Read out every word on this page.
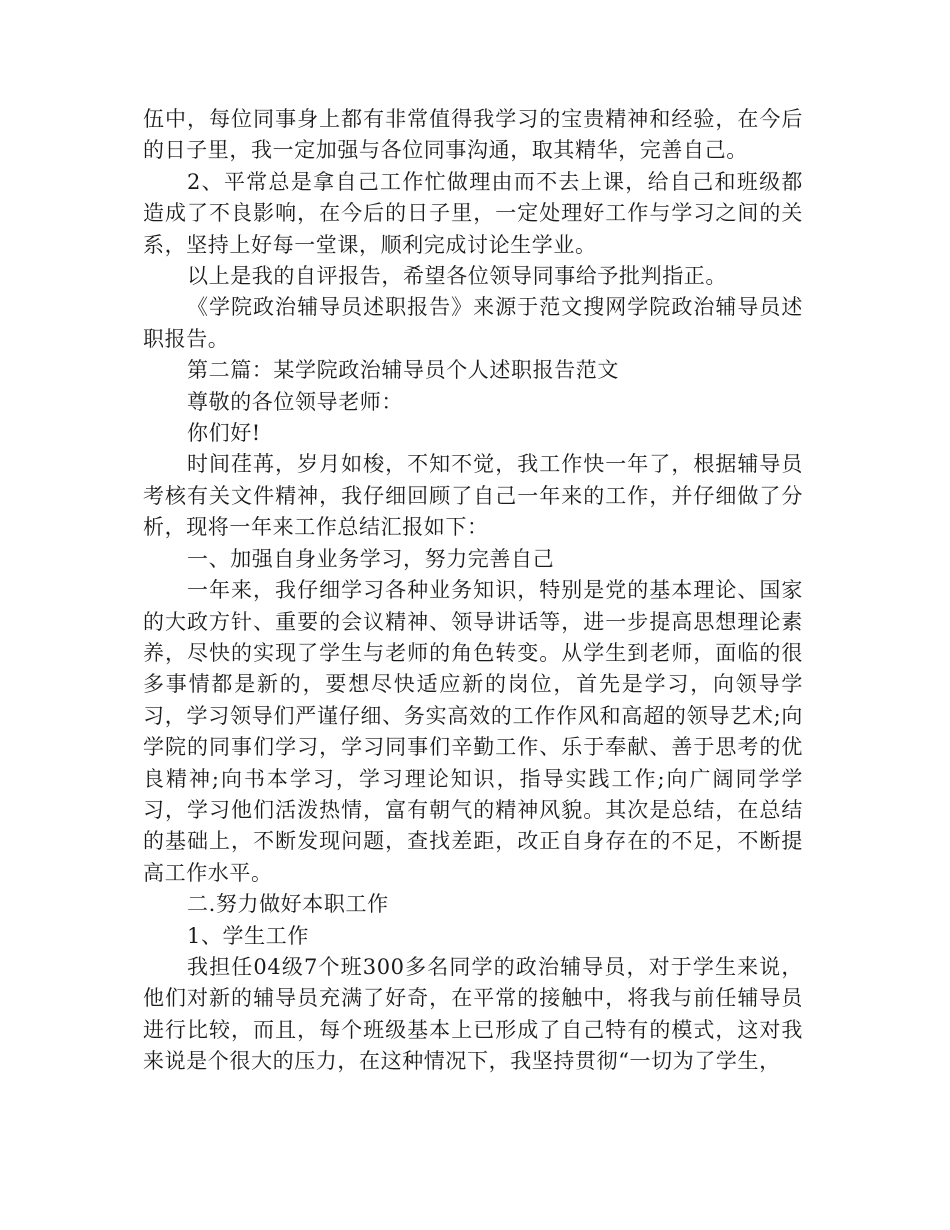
伍中，每位同事身上都有非常值得我学习的宝贵精神和经验，在今后的日子里，我一定加强与各位同事沟通，取其精华，完善自己。

2、平常总是拿自己工作忙做理由而不去上课，给自己和班级都造成了不良影响，在今后的日子里，一定处理好工作与学习之间的关系，坚持上好每一堂课，顺利完成讨论生学业。

以上是我的自评报告，希望各位领导同事给予批判指正。

《学院政治辅导员述职报告》来源于范文搜网学院政治辅导员述职报告。

第二篇：某学院政治辅导员个人述职报告范文

尊敬的各位领导老师：

你们好!

时间荏苒，岁月如梭，不知不觉，我工作快一年了，根据辅导员考核有关文件精神，我仔细回顾了自己一年来的工作，并仔细做了分析，现将一年来工作总结汇报如下：

一、加强自身业务学习，努力完善自己

一年来，我仔细学习各种业务知识，特别是党的基本理论、国家的大政方针、重要的会议精神、领导讲话等，进一步提高思想理论素养，尽快的实现了学生与老师的角色转变。从学生到老师，面临的很多事情都是新的，要想尽快适应新的岗位，首先是学习，向领导学习，学习领导们严谨仔细、务实高效的工作作风和高超的领导艺术;向学院的同事们学习，学习同事们辛勤工作、乐于奉献、善于思考的优良精神;向书本学习，学习理论知识，指导实践工作;向广阔同学学习，学习他们活泼热情，富有朝气的精神风貌。其次是总结，在总结的基础上，不断发现问题，查找差距，改正自身存在的不足，不断提高工作水平。

二.努力做好本职工作

1、学生工作

我担任04级7个班300多名同学的政治辅导员，对于学生来说，他们对新的辅导员充满了好奇，在平常的接触中，将我与前任辅导员进行比较，而且，每个班级基本上已形成了自己特有的模式，这对我来说是个很大的压力，在这种情况下，我坚持贯彻“一切为了学生，
